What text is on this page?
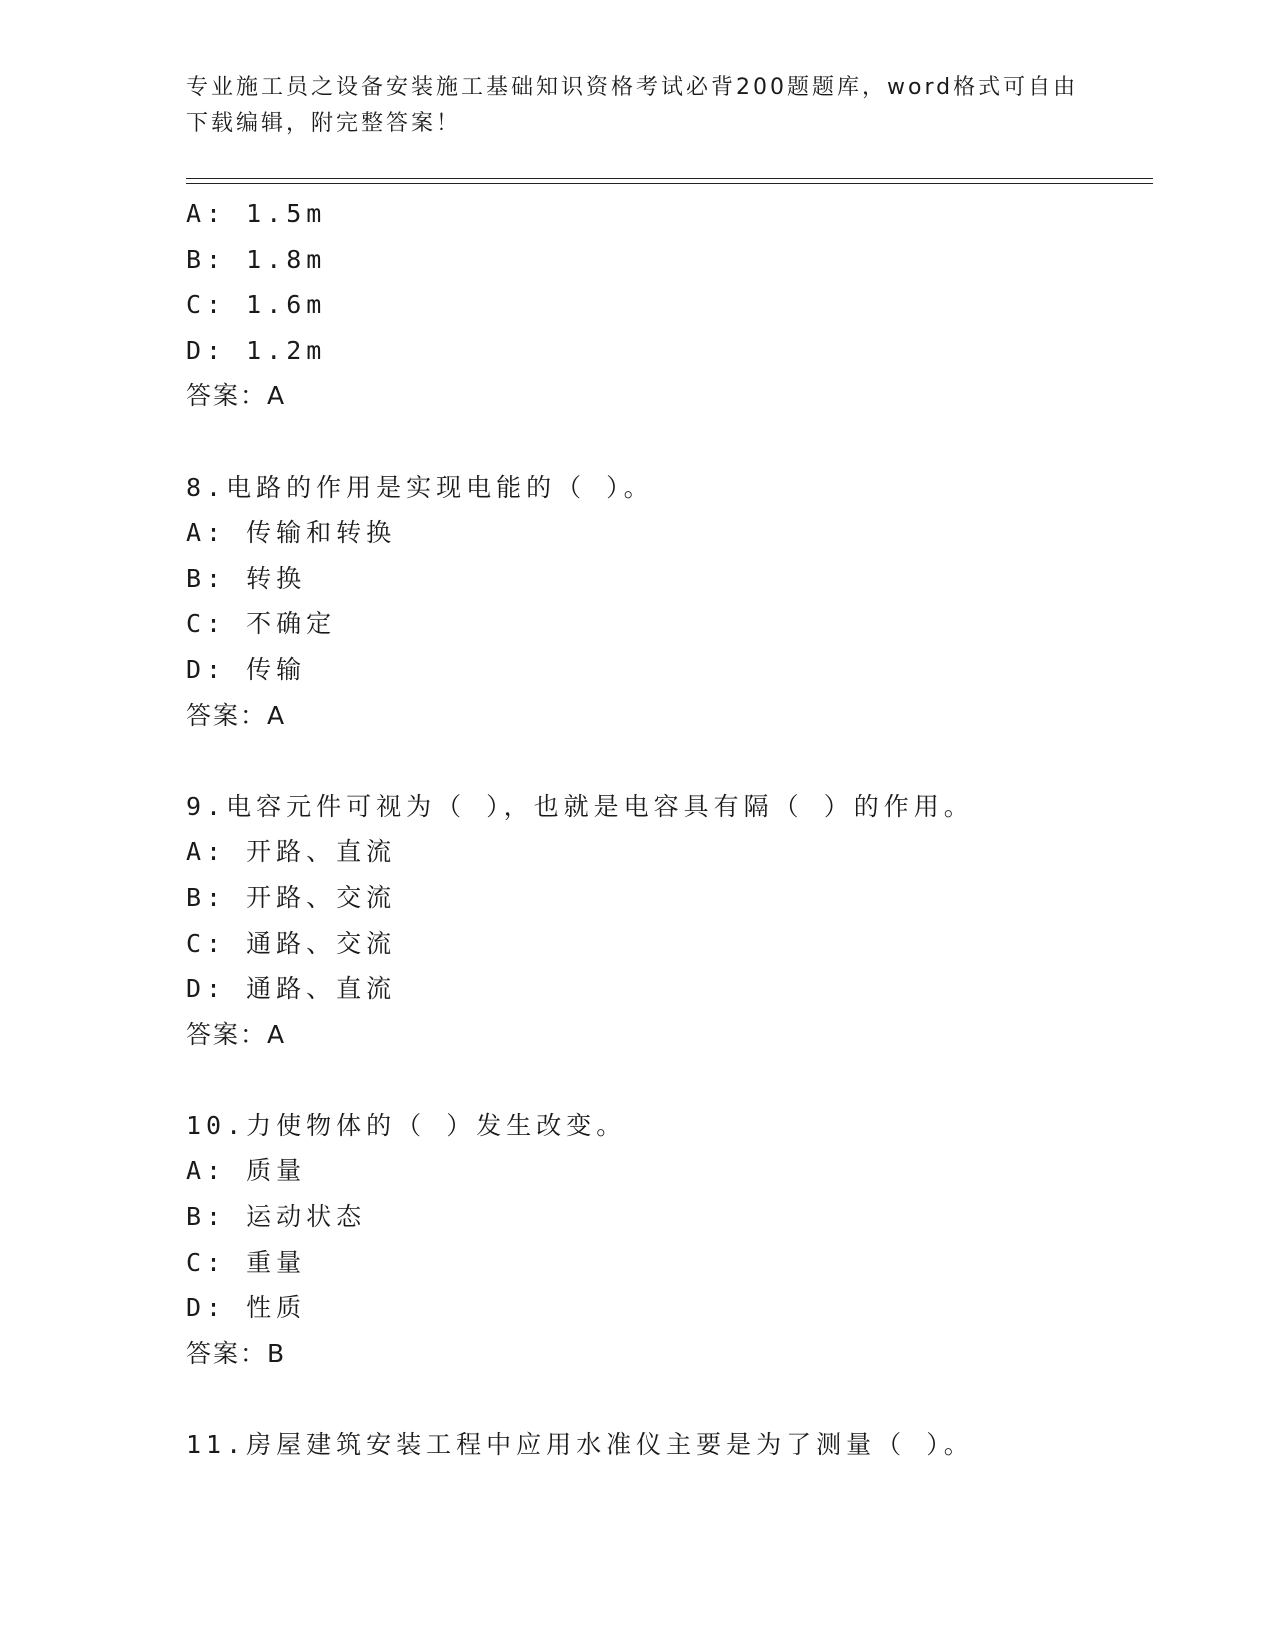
专业施工员之设备安装施工基础知识资格考试必背200题题库，word格式可自由
下载编辑，附完整答案！
A: 1.5m
B: 1.8m
C: 1.6m
D: 1.2m
答案：A
8.电路的作用是实现电能的（ ）。
A: 传输和转换
B: 转换
C: 不确定
D: 传输
答案：A
9.电容元件可视为（ ），也就是电容具有隔（ ）的作用。
A: 开路、直流
B: 开路、交流
C: 通路、交流
D: 通路、直流
答案：A
10.力使物体的（ ）发生改变。
A: 质量
B: 运动状态
C: 重量
D: 性质
答案：B
11.房屋建筑安装工程中应用水准仪主要是为了测量（ ）。
